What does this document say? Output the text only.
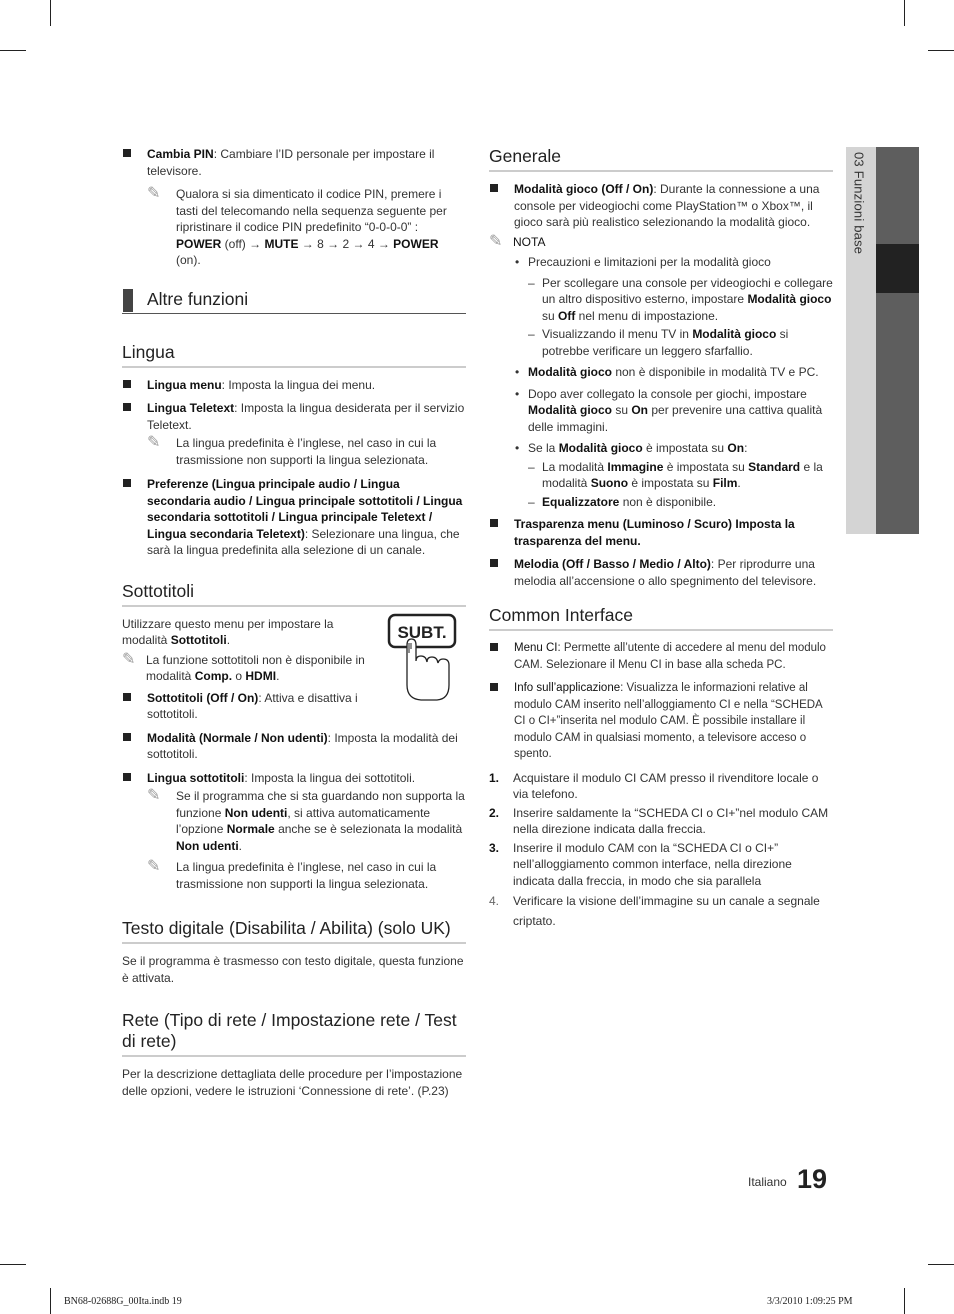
03 Funzioni base
Cambia PIN: Cambiare l’ID personale per impostare il televisore.
✎ Qualora si sia dimenticato il codice PIN, premere i tasti del telecomando nella sequenza seguente per ripristinare il codice PIN predefinito “0-0-0-0” : POWER (off) → MUTE → 8 → 2 → 4 → POWER (on).
Altre funzioni
Lingua
Lingua menu: Imposta la lingua dei menu.
Lingua Teletext: Imposta la lingua desiderata per il servizio Teletext.
✎ La lingua predefinita è l’inglese, nel caso in cui la trasmissione non supporti la lingua selezionata.
Preferenze (Lingua principale audio / Lingua secondaria audio / Lingua principale sottotitoli / Lingua secondaria sottotitoli / Lingua principale Teletext / Lingua secondaria Teletext): Selezionare una lingua, che sarà la lingua predefinita alla selezione di un canale.
Sottotitoli
Utilizzare questo menu per impostare la modalità Sottotitoli.
✎ La funzione sottotitoli non è disponibile in modalità Comp. o HDMI.
Sottotitoli (Off / On): Attiva e disattiva i sottotitoli.
SUBT.
Modalità (Normale / Non udenti): Imposta la modalità dei sottotitoli.
Lingua sottotitoli: Imposta la lingua dei sottotitoli.
✎ Se il programma che si sta guardando non supporta la funzione Non udenti, si attiva automaticamente l’opzione Normale anche se è selezionata la modalità Non udenti.
✎ La lingua predefinita è l’inglese, nel caso in cui la trasmissione non supporti la lingua selezionata.
Testo digitale (Disabilita / Abilita) (solo UK)
Se il programma è trasmesso con testo digitale, questa funzione è attivata.
Rete (Tipo di rete / Impostazione rete / Test di rete)
Per la descrizione dettagliata delle procedure per l’impostazione delle opzioni, vedere le istruzioni ‘Connessione di rete’. (P.23)
Generale
Modalità gioco (Off / On): Durante la connessione a una console per videogiochi come PlayStation™ o Xbox™, il gioco sarà più realistico selezionando la modalità gioco.
✎ NOTA
• Precauzioni e limitazioni per la modalità gioco
– Per scollegare una console per videogiochi e collegare un altro dispositivo esterno, impostare Modalità gioco su Off nel menu di impostazione.
– Visualizzando il menu TV in Modalità gioco si potrebbe verificare un leggero sfarfallio.
• Modalità gioco non è disponibile in modalità TV e PC.
• Dopo aver collegato la console per giochi, impostare Modalità gioco su On per prevenire una cattiva qualità delle immagini.
• Se la Modalità gioco è impostata su On:
– La modalità Immagine è impostata su Standard e la modalità Suono è impostata su Film.
– Equalizzatore non è disponibile.
Trasparenza menu (Luminoso / Scuro) Imposta la trasparenza del menu.
Melodia (Off / Basso / Medio / Alto): Per riprodurre una melodia all’accensione o allo spegnimento del televisore.
Common Interface
Menu CI: Permette all’utente di accedere al menu del modulo CAM. Selezionare il Menu CI in base alla scheda PC.
Info sull’applicazione: Visualizza le informazioni relative al modulo CAM inserito nell’alloggiamento CI e nella “SCHEDA CI o CI+”inserita nel modulo CAM. È possibile installare il modulo CAM in qualsiasi momento, a televisore acceso o spento.
1. Acquistare il modulo CI CAM presso il rivenditore locale o via telefono.
2. Inserire saldamente la “SCHEDA CI o CI+”nel modulo CAM nella direzione indicata dalla freccia.
3. Inserire il modulo CAM con la “SCHEDA CI o CI+” nell’alloggiamento common interface, nella direzione indicata dalla freccia, in modo che sia parallela
4. Verificare la visione dell’immagine su un canale a segnale criptato.
Italiano 19
BN68-02688G_00Ita.indb 19	3/3/2010 1:09:25 PM
